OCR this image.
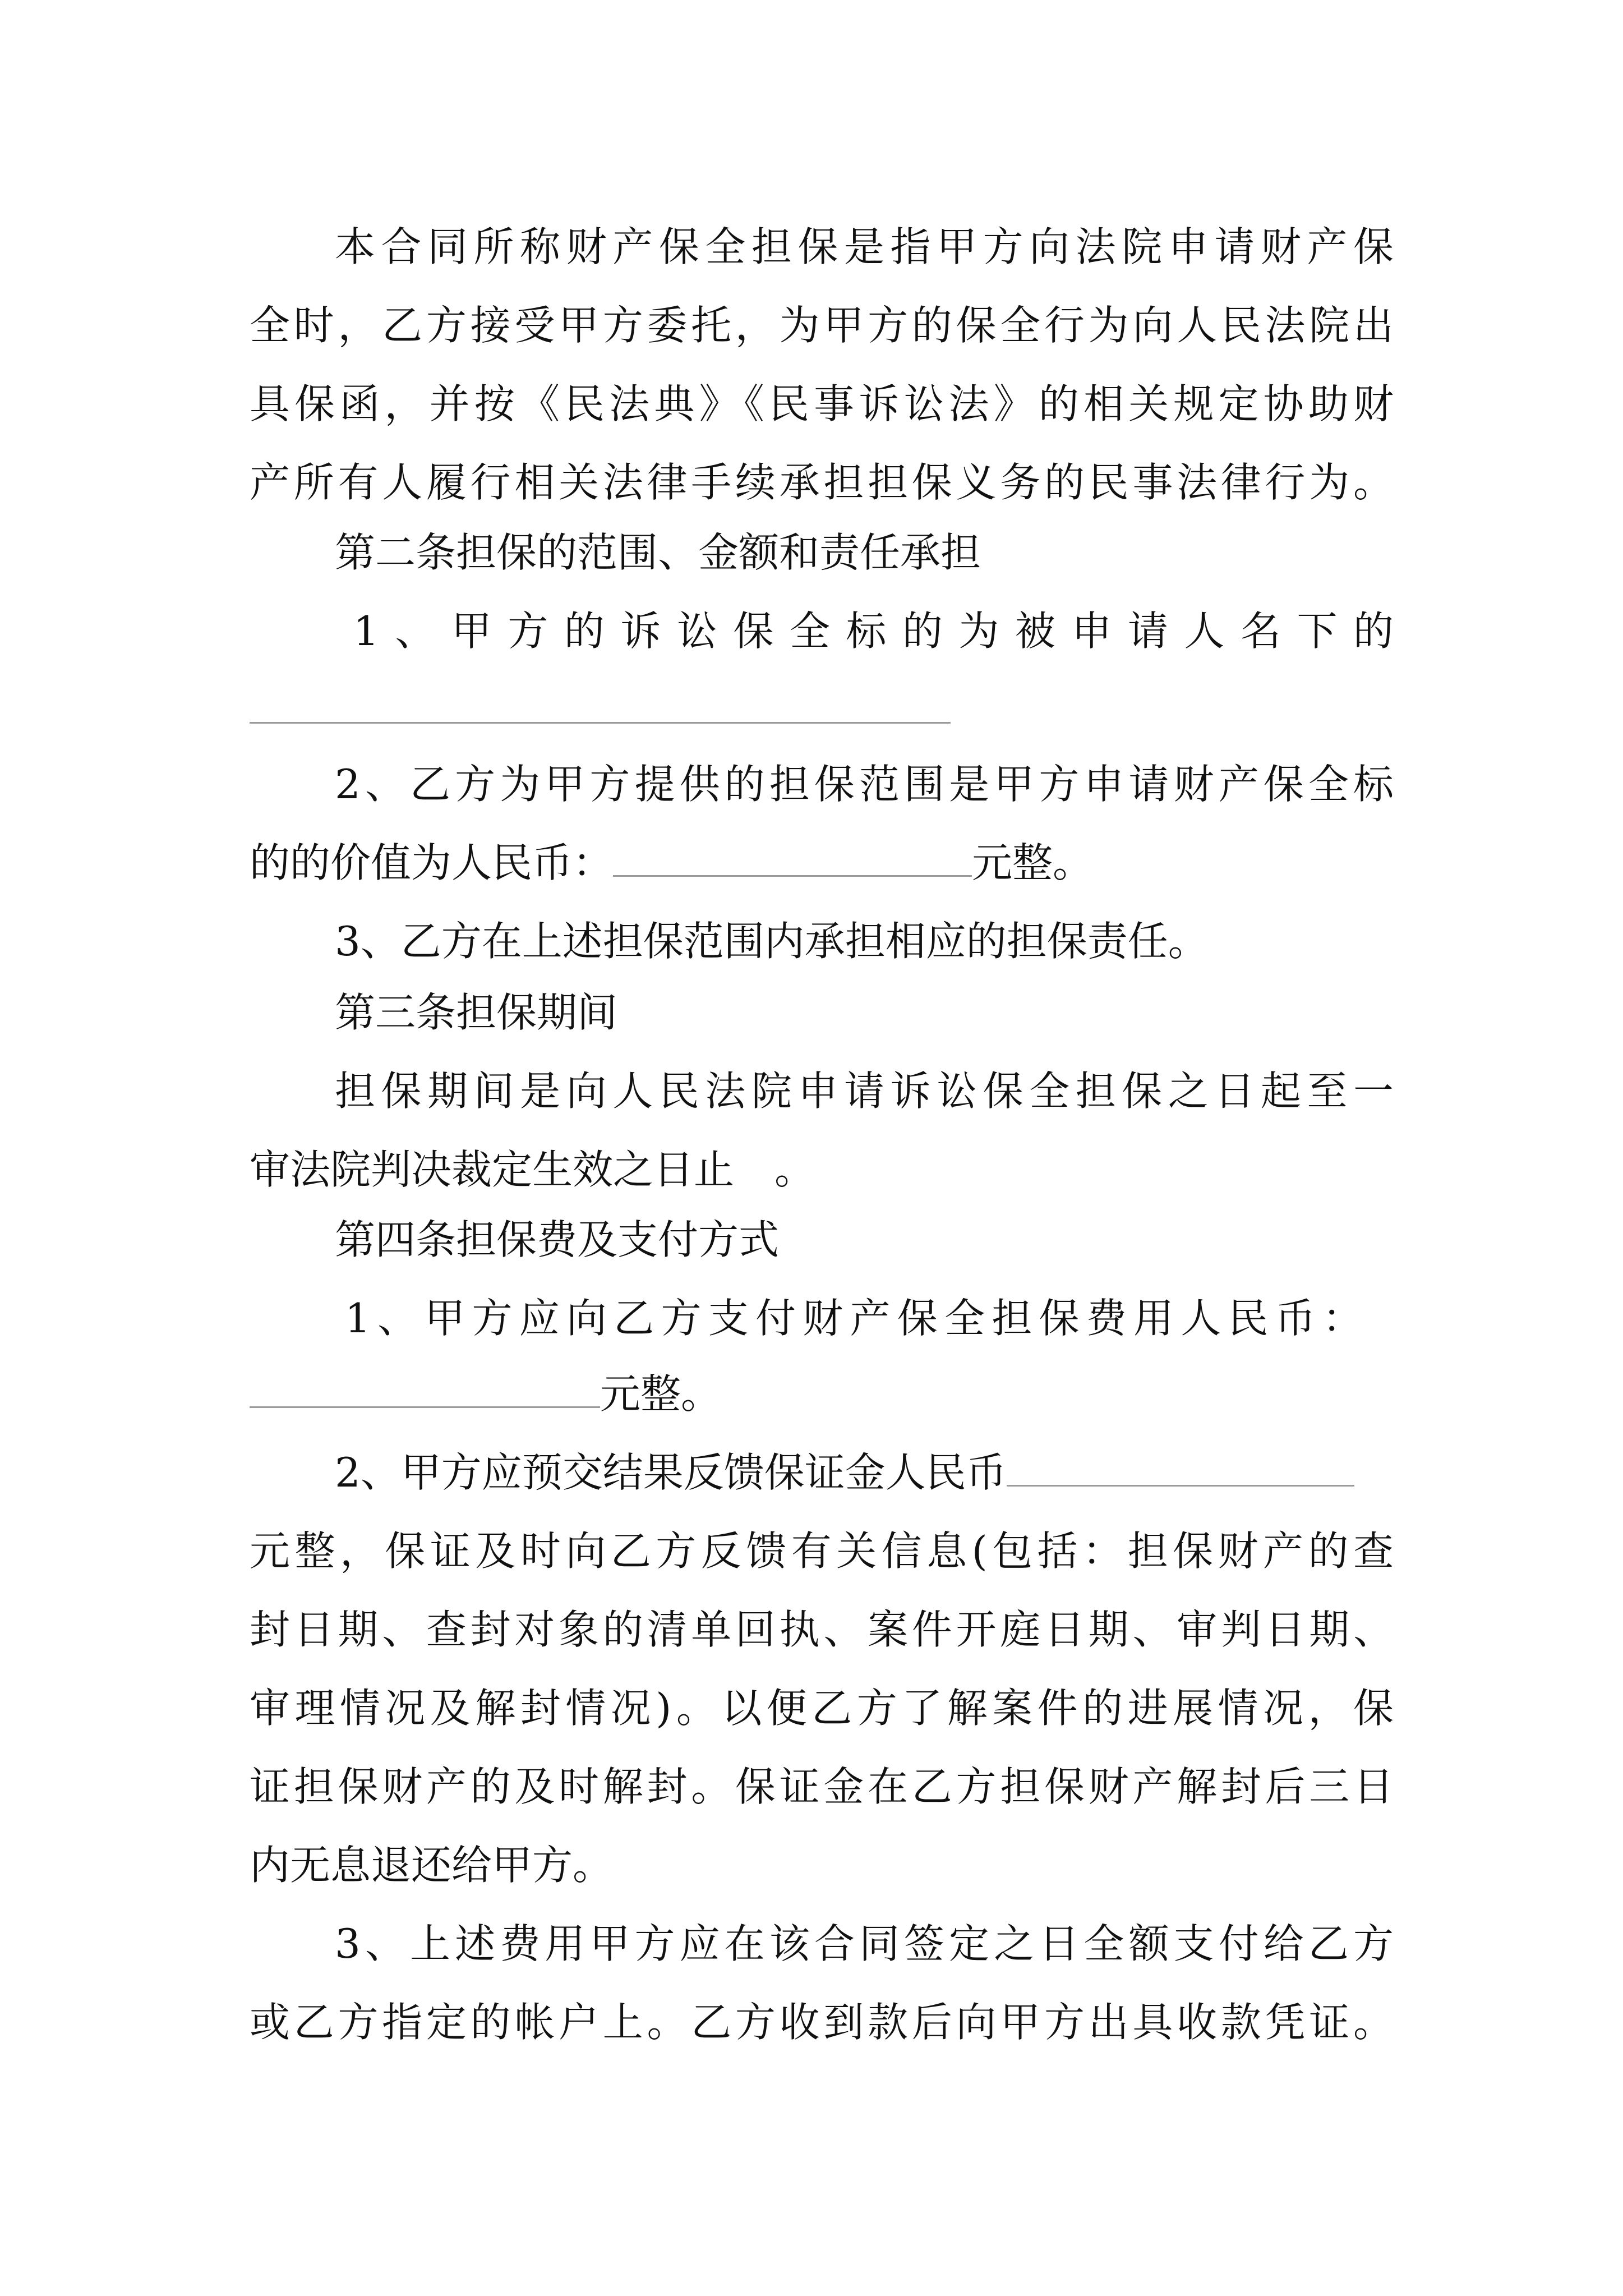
本合同所称财产保全担保是指甲方向法院申请财产保
全时，乙方接受甲方委托，为甲方的保全行为向人民法院出
具保函，并按《民法典》《民事诉讼法》的相关规定协助财
产所有人履行相关法律手续承担担保义务的民事法律行为。
第二条担保的范围、金额和责任承担
1、甲方的诉讼保全标的为被申请人名下的
2、乙方为甲方提供的担保范围是甲方申请财产保全标
的的价值为人民币：	元整。
3、乙方在上述担保范围内承担相应的担保责任。
第三条担保期间
担保期间是向人民法院申请诉讼保全担保之日起至一
审法院判决裁定生效之日止　。
第四条担保费及支付方式
1、甲方应向乙方支付财产保全担保费用人民币：
元整。
2、甲方应预交结果反馈保证金人民币
元整，保证及时向乙方反馈有关信息(包括：担保财产的查
封日期、查封对象的清单回执、案件开庭日期、审判日期、
审理情况及解封情况)。以便乙方了解案件的进展情况，保
证担保财产的及时解封。保证金在乙方担保财产解封后三日
内无息退还给甲方。
3、上述费用甲方应在该合同签定之日全额支付给乙方
或乙方指定的帐户上。乙方收到款后向甲方出具收款凭证。
